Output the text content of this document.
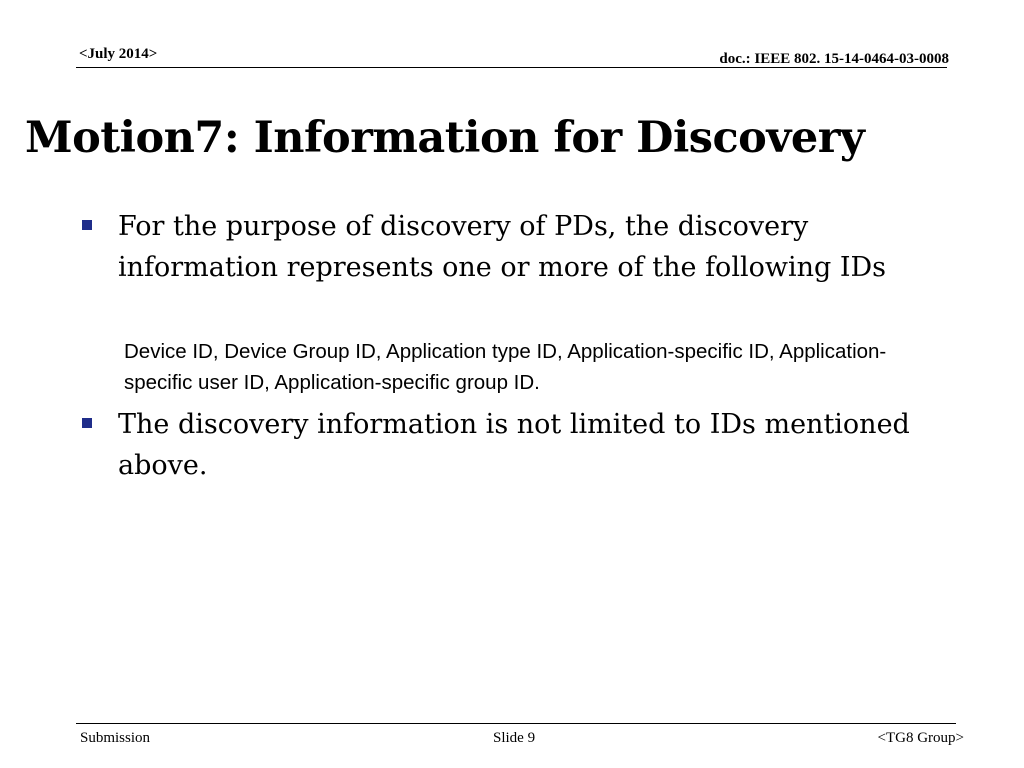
<July 2014>	doc.: IEEE 802. 15-14-0464-03-0008
Motion7: Information for Discovery
For the purpose of discovery of PDs, the discovery information represents one or more of the following IDs
Device ID, Device Group ID, Application type ID, Application-specific ID, Application-specific user ID, Application-specific group ID.
The discovery information is not limited to IDs mentioned above.
Submission	Slide 9	<TG8 Group>
